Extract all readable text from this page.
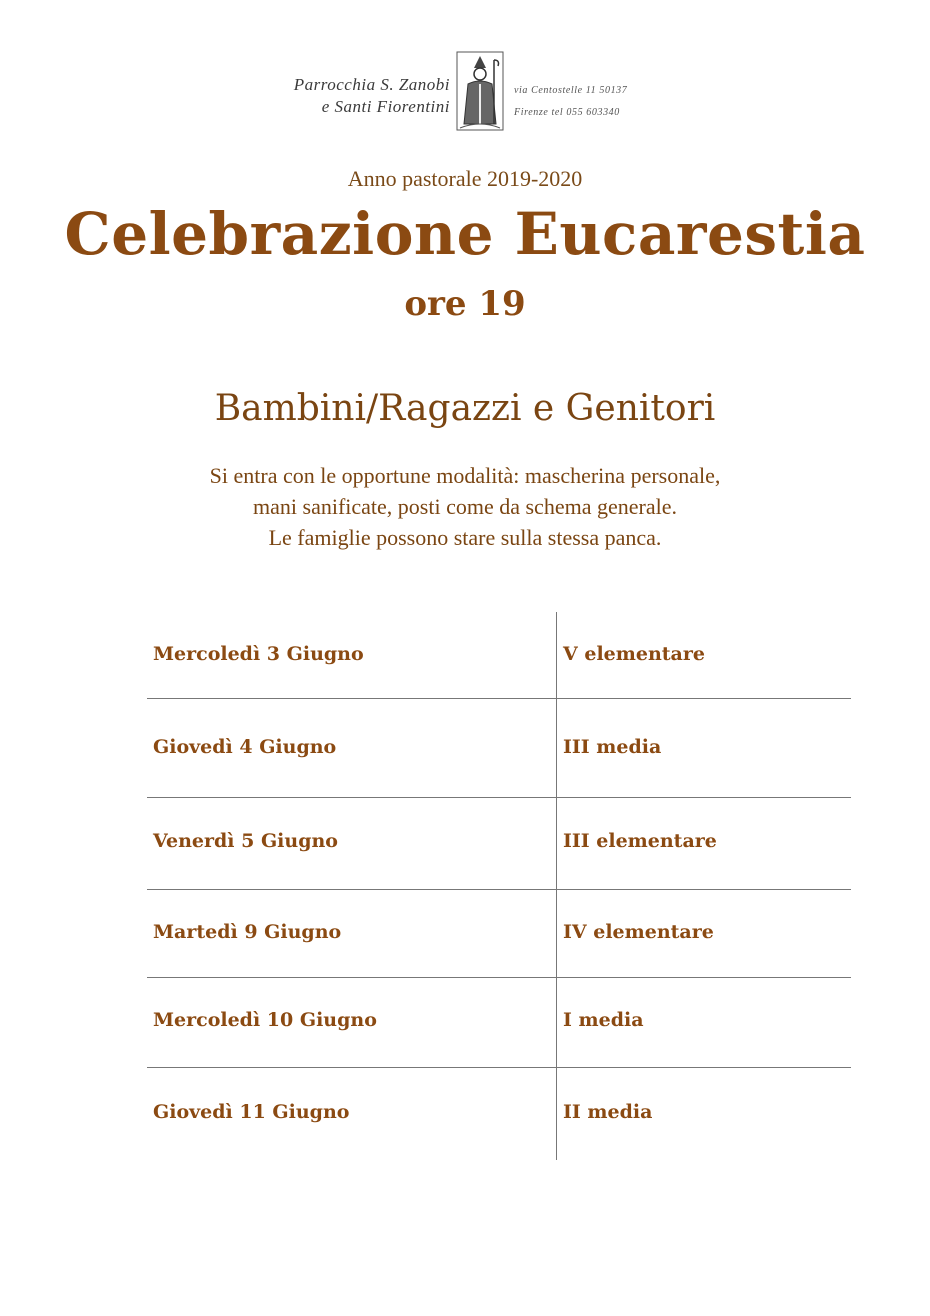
Parrocchia S. Zanobi
e Santi Fiorentini
via Centostelle 11 50137
Firenze tel 055 603340
Anno pastorale 2019-2020
Celebrazione Eucarestia
ore 19
Bambini/Ragazzi e Genitori
Si entra con le opportune modalità: mascherina personale,
mani sanificate, posti come da schema generale.
Le famiglie possono stare sulla stessa panca.
Mercoledì 3 Giugno	V elementare
Giovedì 4 Giugno	III media
Venerdì 5 Giugno	III elementare
Martedì 9 Giugno	IV elementare
Mercoledì 10 Giugno	I media
Giovedì 11 Giugno	II media
